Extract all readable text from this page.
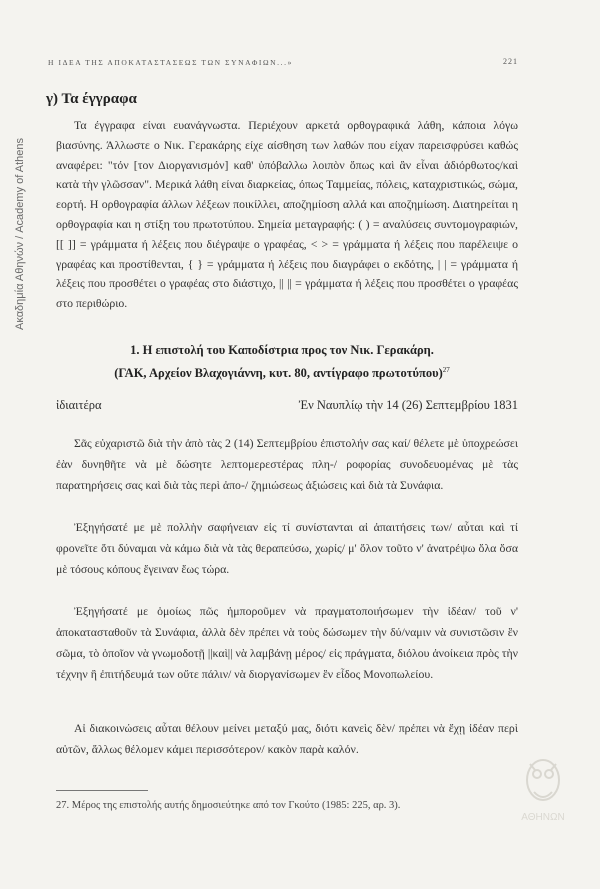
Ακαδημία Αθηνών / Academy of Athens
Η ΙΔΕΑ ΤΗΣ ΑΠΟΚΑΤΑΣΤΑΣΕΩΣ ΤΩΝ ΣΥΝΑΦΙΩΝ...»	221
γ) Τα έγγραφα

Τα έγγραφα είναι ευανάγνωστα. Περιέχουν αρκετά ορθογραφικά λάθη, κάποια λόγω βιασύνης. Άλλωστε ο Νικ. Γερακάρης είχε αίσθηση των λαθών που είχαν παρεισφρύσει καθώς αναφέρει: "τόν [τον Διοργανισμόν] καθ' ὑπόβαλλω λοιπὸν ὅπως καὶ ἂν εἶναι ἀδιόρθωτος/καὶ κατὰ τὴν γλῶσσαν". Μερικά λάθη είναι διαρκείας, όπως Ταμμείας, πόλεις, καταχριστικώς, σώμα, εορτή. Η ορθογραφία άλλων λέξεων ποικίλλει, αποζημίοση αλλά και αποζημίωση. Διατηρείται η ορθογραφία και η στίξη του πρωτοτύπου. Σημεία μεταγραφής: ( ) = αναλύσεις συντομογραφιών, [[ ]] = γράμματα ή λέξεις που διέγραψε ο γραφέας, < > = γράμματα ή λέξεις που παρέλειψε ο γραφέας και προστίθενται, { } = γράμματα ή λέξεις που διαγράφει ο εκδότης, | | = γράμματα ή λέξεις που προσθέτει ο γραφέας στο διάστιχο, || || = γράμματα ή λέξεις που προσθέτει ο γραφέας στο περιθώριο.

1. Η επιστολή του Καποδίστρια προς τον Νικ. Γερακάρη.
(ΓΑΚ, Αρχείον Βλαχογιάννη, κυτ. 80, αντίγραφο πρωτοτύπου)$^{27}$
ἰδιαιτέρα	Ἐν Ναυπλίῳ τὴν 14 (26) Σεπτεμβρίου 1831
Σᾶς εὐχαριστῶ διὰ τὴν ἀπὸ τὰς 2 (14) Σεπτεμβρίου ἐπιστολήν σας καί/ θέλετε μὲ ὑποχρεώσει ἐὰν δυνηθῆτε νὰ μὲ δώσητε λεπτομερεστέρας πλη-/ ροφορίας συνοδευομένας μὲ τὰς παρατηρήσεις σας καὶ διὰ τὰς περὶ ἀπο-/ ζημιώσεως ἀξιώσεις καὶ διὰ τὰ Συνάφια.
Ἐξηγήσατέ με μὲ πολλὴν σαφήνειαν εἰς τί συνίστανται αἱ ἀπαιτήσεις των/ αὗται καὶ τί φρονεῖτε ὅτι δύναμαι νὰ κάμω διὰ νὰ τὰς θεραπεύσω, χωρίς/ μ' ὅλον τοῦτο ν' ἀνατρέψω ὅλα ὅσα μὲ τόσους κόπους ἔγειναν ἕως τώρα.
Ἐξηγήσατέ με ὁμοίως πῶς ἠμποροῦμεν νὰ πραγματοποιήσωμεν τὴν ἰδέαν/ τοῦ ν' ἀποκατασταθοῦν τὰ Συνάφια, ἀλλὰ δὲν πρέπει νὰ τοὺς δώσωμεν τὴν δύ/ναμιν νὰ συνιστῶσιν ἓν σῶμα, τὸ ὁποῖον νὰ γνωμοδοτῇ ||καὶ|| νὰ λαμβάνῃ μέρος/ εἰς πράγματα, διόλου ἀνοίκεια πρὸς τὴν τέχνην ἢ ἐπιτήδευμά των οὔτε πάλιν/ νὰ διοργανίσωμεν ἓν εἶδος Μονοπωλείου.
Αἱ διακοινώσεις αὗται θέλουν μείνει μεταξύ μας, διότι κανεὶς δὲν/ πρέπει νὰ ἔχῃ ἰδέαν περὶ αὐτῶν, ἄλλως θέλομεν κάμει περισσότερον/ κακὸν παρὰ καλόν.
27. Μέρος της επιστολής αυτής δημοσιεύτηκε από τον Γκούτο (1985: 225, αρ. 3).
ΑΘΗΝΩΝ
